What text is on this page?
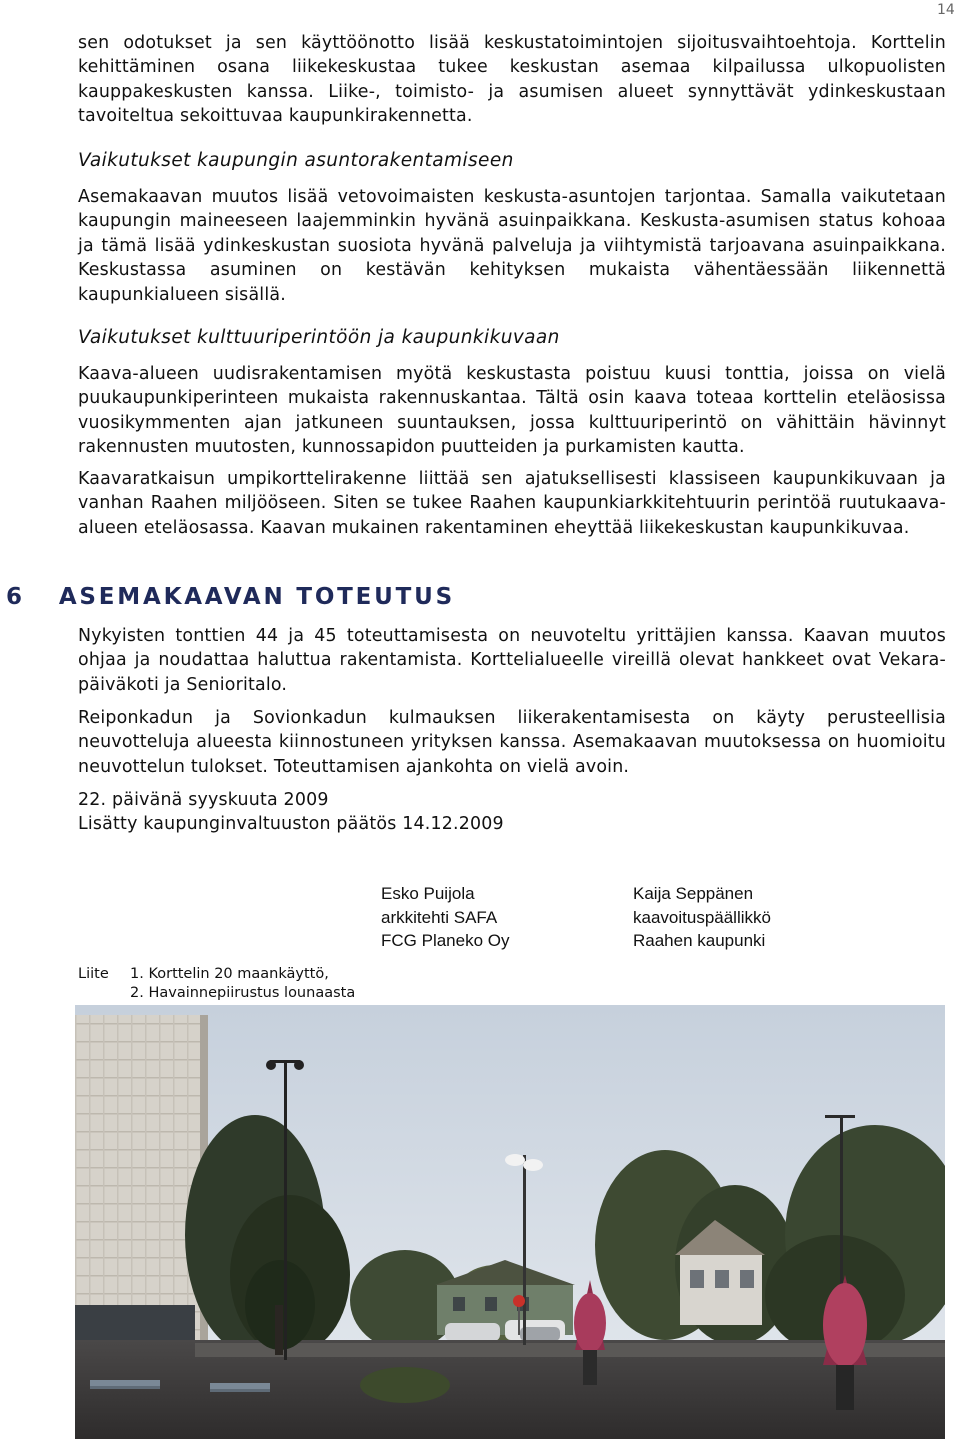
14

sen odotukset ja sen käyttöönotto lisää keskustatoimintojen sijoitusvaihtoehtoja. Korttelin kehittäminen osana liikekeskustaa tukee keskustan asemaa kilpailussa ulkopuolisten kauppakeskusten kanssa. Liike-, toimisto- ja asumisen alueet synnyttävät ydinkeskustaan tavoiteltua sekoittuvaa kaupunkirakennetta.

Vaikutukset kaupungin asuntorakentamiseen

Asemakaavan muutos lisää vetovoimaisten keskusta-asuntojen tarjontaa. Samalla vaikutetaan kaupungin maineeseen laajemminkin hyvänä asuinpaikkana. Keskusta-asumisen status kohoaa ja tämä lisää ydinkeskustan suosiota hyvänä palveluja ja viihtymistä tarjoavana asuinpaikkana. Keskustassa asuminen on kestävän kehityksen mukaista vähentäessään liikennettä kaupunkialueen sisällä.

Vaikutukset kulttuuriperintöön ja kaupunkikuvaan

Kaava-alueen uudisrakentamisen myötä keskustasta poistuu kuusi tonttia, joissa on vielä puukaupunkiperinteen mukaista rakennuskantaa. Tältä osin kaava toteaa korttelin eteläosissa vuosikymmenten ajan jatkuneen suuntauksen, jossa kulttuuriperintö on vähittäin hävinnyt rakennusten muutosten, kunnossapidon puutteiden ja purkamisten kautta.

Kaavaratkaisun umpikorttelirakenne liittää sen ajatuksellisesti klassiseen kaupunkikuvaan ja vanhan Raahen miljööseen. Siten se tukee Raahen kaupunkiarkkitehtuurin perintöä ruutukaava-alueen eteläosassa. Kaavan mukainen rakentaminen eheyttää liikekeskustan kaupunkikuvaa.

6 ASEMAKAAVAN TOTEUTUS

Nykyisten tonttien 44 ja 45 toteuttamisesta on neuvoteltu yrittäjien kanssa. Kaavan muutos ohjaa ja noudattaa haluttua rakentamista. Korttelialueelle vireillä olevat hankkeet ovat Vekara-päiväkoti ja Senioritalo.

Reiponkadun ja Sovionkadun kulmauksen liikerakentamisesta on käyty perusteellisia neuvotteluja alueesta kiinnostuneen yrityksen kanssa. Asemakaavan muutoksessa on huomioitu neuvottelun tulokset. Toteuttamisen ajankohta on vielä avoin.

22. päivänä syyskuuta 2009

Lisätty kaupunginvaltuuston päätös 14.12.2009

Esko Puijola
arkkitehti SAFA
FCG Planeko Oy
Kaija Seppänen
kaavoituspäällikkö
Raahen kaupunki
Liite 1. Korttelin 20 maankäyttö,
2. Havainnepiirustus lounaasta
